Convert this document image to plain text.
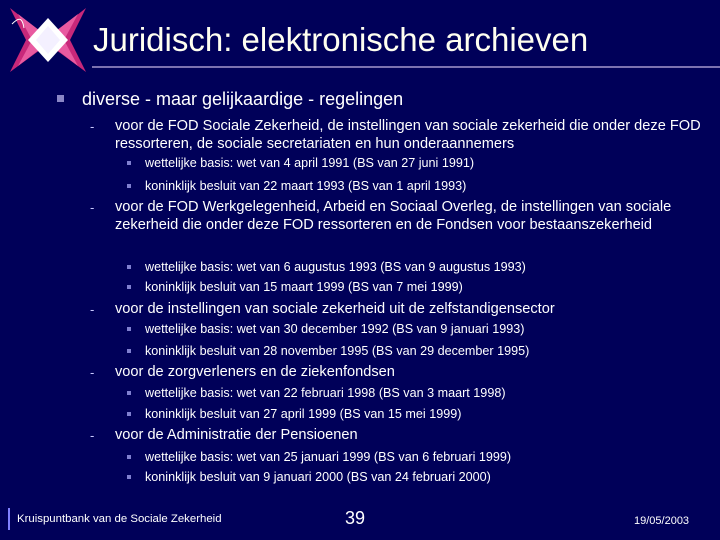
Juridisch: elektronische archieven
diverse - maar gelijkaardige - regelingen
- voor de FOD Sociale Zekerheid, de instellingen van sociale zekerheid die onder deze FOD ressorteren, de sociale secretariaten en hun onderaannemers
wettelijke basis: wet van 4 april 1991 (BS van 27 juni 1991)
koninklijk besluit van 22 maart 1993 (BS van 1 april 1993)
- voor de FOD Werkgelegenheid, Arbeid en Sociaal Overleg, de instellingen van sociale zekerheid die onder deze FOD ressorteren en de Fondsen voor bestaanszekerheid
wettelijke basis: wet van 6 augustus 1993 (BS van 9 augustus 1993)
koninklijk besluit van 15 maart 1999 (BS van 7 mei 1999)
- voor de instellingen van sociale zekerheid uit de zelfstandigensector
wettelijke basis: wet van 30 december 1992 (BS van 9 januari 1993)
koninklijk besluit van 28 november 1995 (BS van 29 december 1995)
- voor de zorgverleners en de ziekenfondsen
wettelijke basis: wet van 22 februari 1998 (BS van 3 maart 1998)
koninklijk besluit van 27 april 1999 (BS van 15 mei 1999)
- voor de Administratie der Pensioenen
wettelijke basis: wet van 25 januari 1999 (BS van 6 februari 1999)
koninklijk besluit van 9 januari 2000 (BS van 24 februari 2000)
Kruispuntbank van de Sociale Zekerheid	39	19/05/2003
